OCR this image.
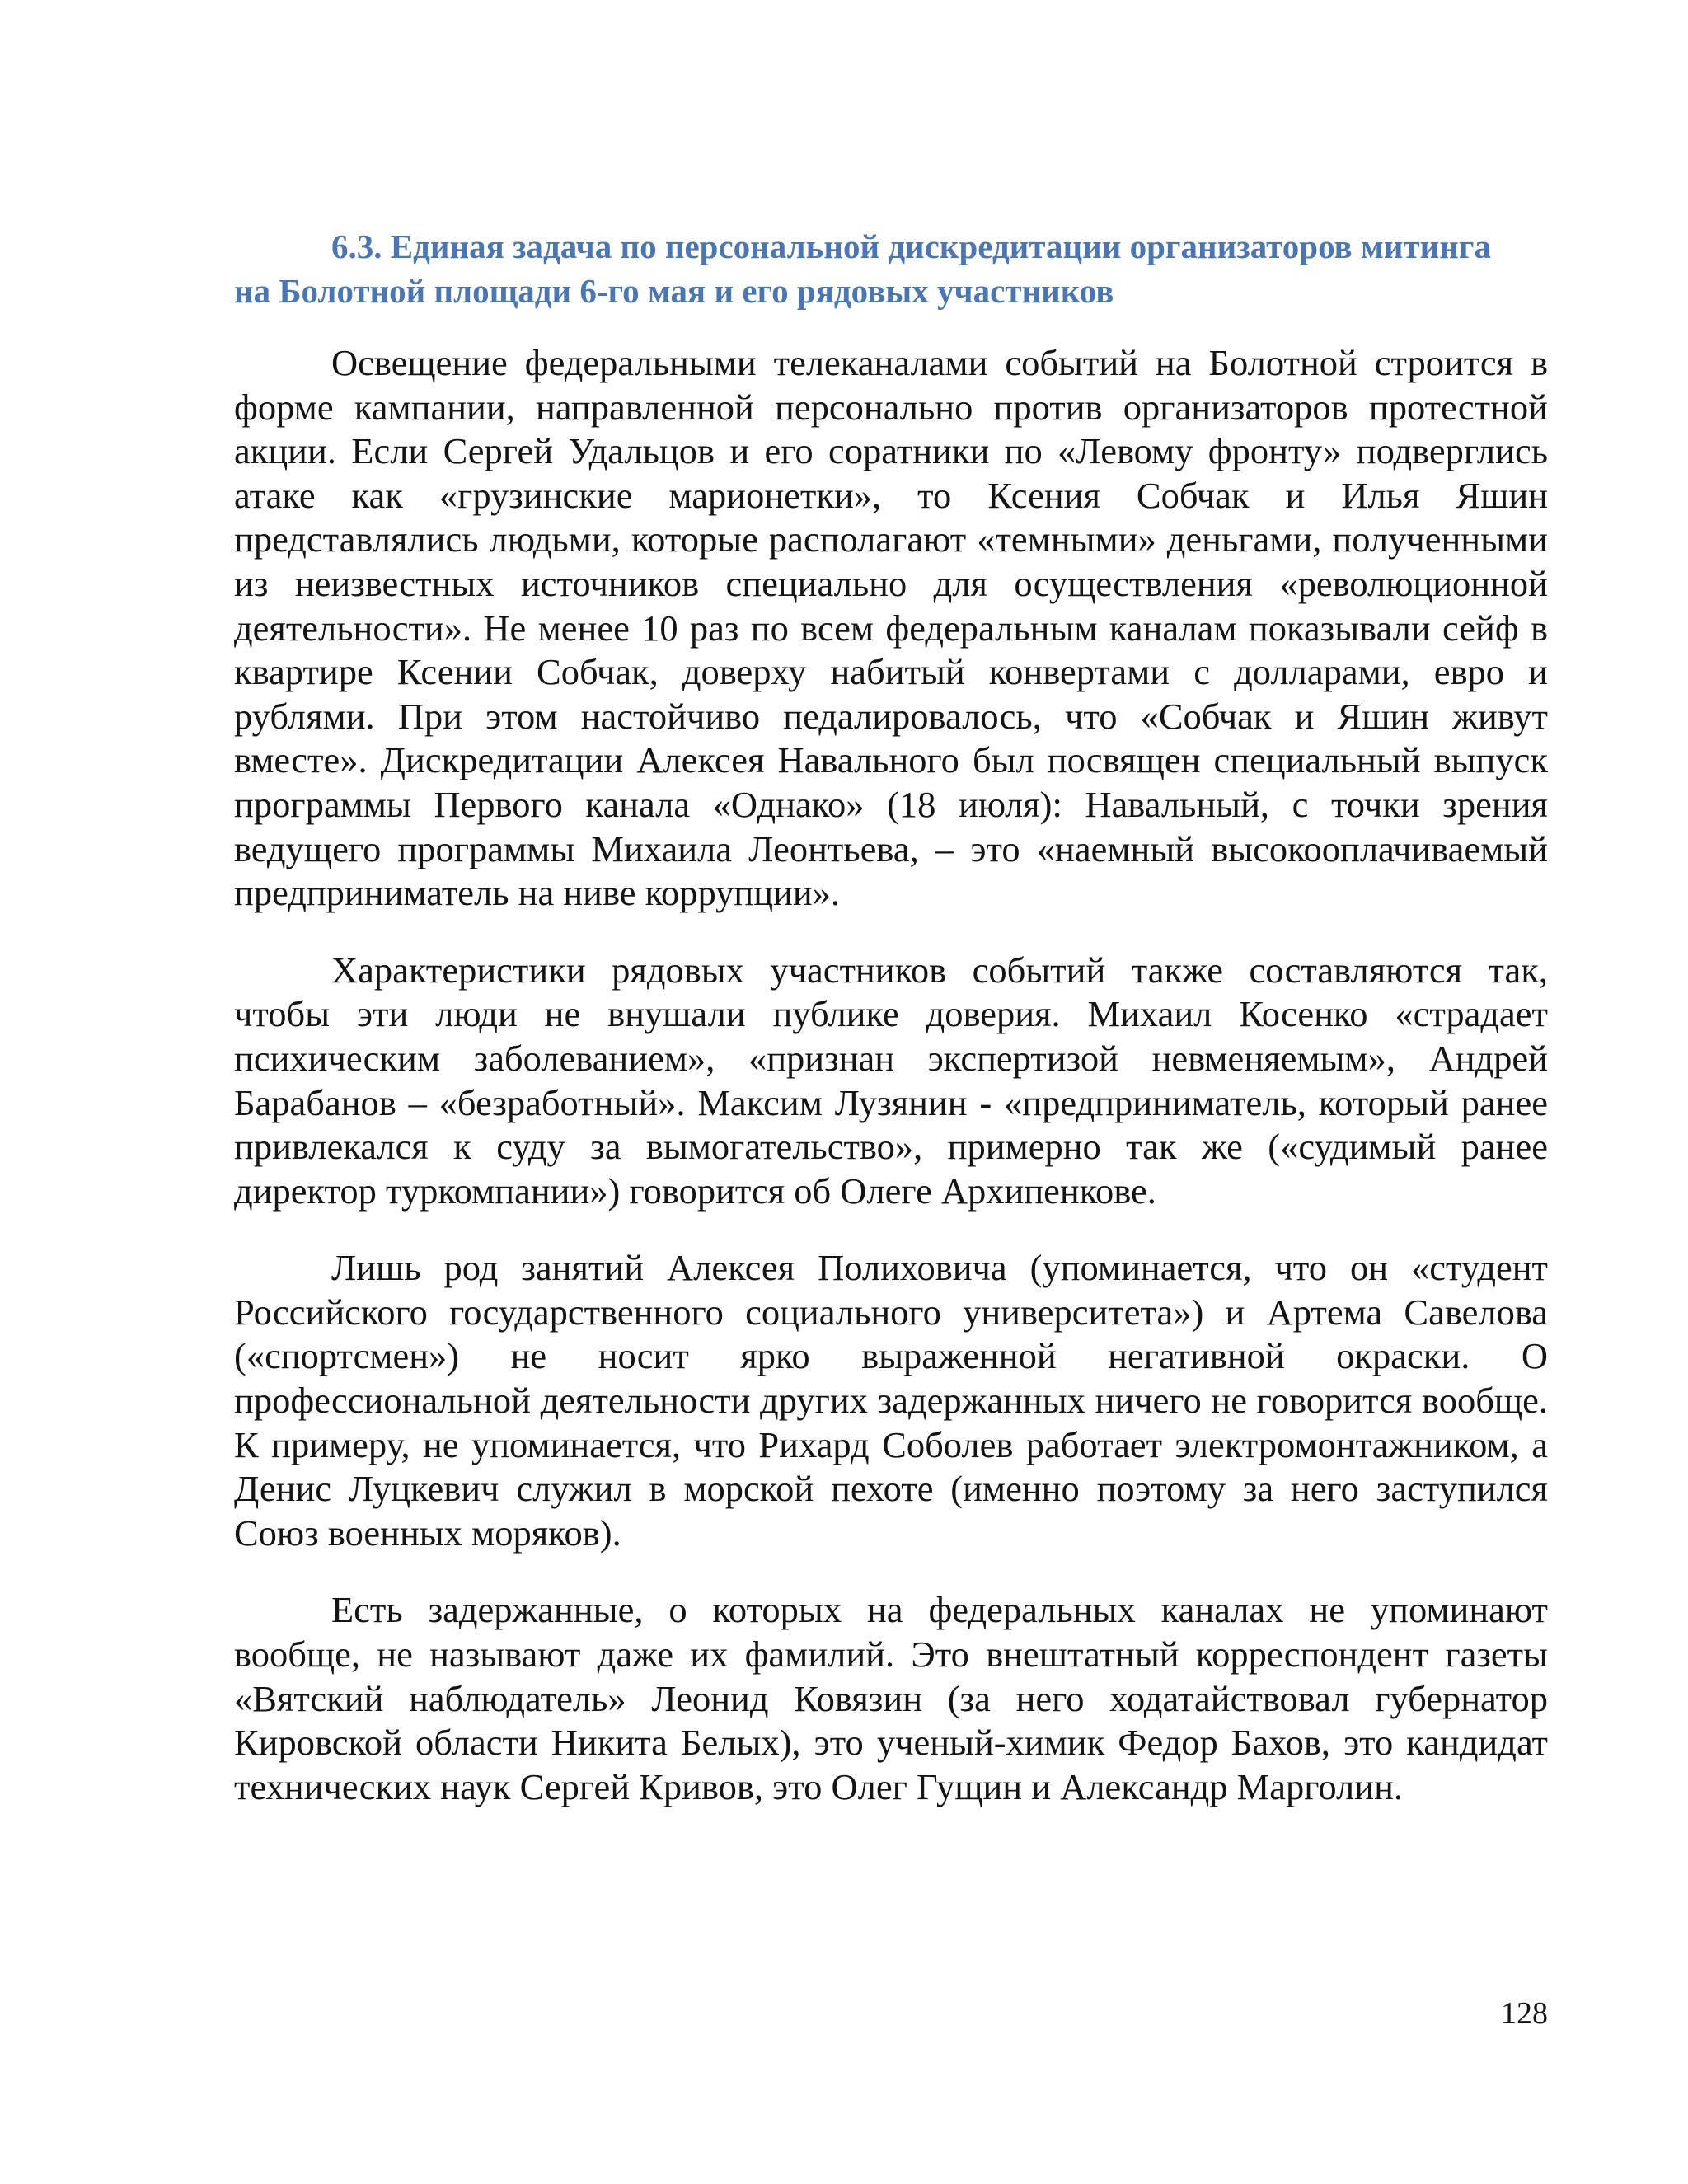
6.3. Единая задача по персональной дискредитации организаторов митинга
на Болотной площади 6-го мая и его рядовых участников

Освещение федеральными телеканалами событий на Болотной строится в форме кампании, направленной персонально против организаторов протестной акции. Если Сергей Удальцов и его соратники по «Левому фронту» подверглись атаке как «грузинские марионетки», то Ксения Собчак и Илья Яшин представлялись людьми, которые располагают «темными» деньгами, полученными из неизвестных источников специально для осуществления «революционной деятельности». Не менее 10 раз по всем федеральным каналам показывали сейф в квартире Ксении Собчак, доверху набитый конвертами с долларами, евро и рублями. При этом настойчиво педалировалось, что «Собчак и Яшин живут вместе». Дискредитации Алексея Навального был посвящен специальный выпуск программы Первого канала «Однако» (18 июля): Навальный, с точки зрения ведущего программы Михаила Леонтьева, – это «наемный высокооплачиваемый предприниматель на ниве коррупции».

Характеристики рядовых участников событий также составляются так, чтобы эти люди не внушали публике доверия. Михаил Косенко «страдает психическим заболеванием», «признан экспертизой невменяемым», Андрей Барабанов – «безработный». Максим Лузянин - «предприниматель, который ранее привлекался к суду за вымогательство», примерно так же («судимый ранее директор туркомпании») говорится об Олеге Архипенкове.

Лишь род занятий Алексея Полиховича (упоминается, что он «студент Российского государственного социального университета») и Артема Савелова («спортсмен») не носит ярко выраженной негативной окраски. О профессиональной деятельности других задержанных ничего не говорится вообще. К примеру, не упоминается, что Рихард Соболев работает электромонтажником, а Денис Луцкевич служил в морской пехоте (именно поэтому за него заступился Союз военных моряков).

Есть задержанные, о которых на федеральных каналах не упоминают вообще, не называют даже их фамилий. Это внештатный корреспондент газеты «Вятский наблюдатель» Леонид Ковязин (за него ходатайствовал губернатор Кировской области Никита Белых), это ученый-химик Федор Бахов, это кандидат технических наук Сергей Кривов, это Олег Гущин и Александр Марголин.

128
